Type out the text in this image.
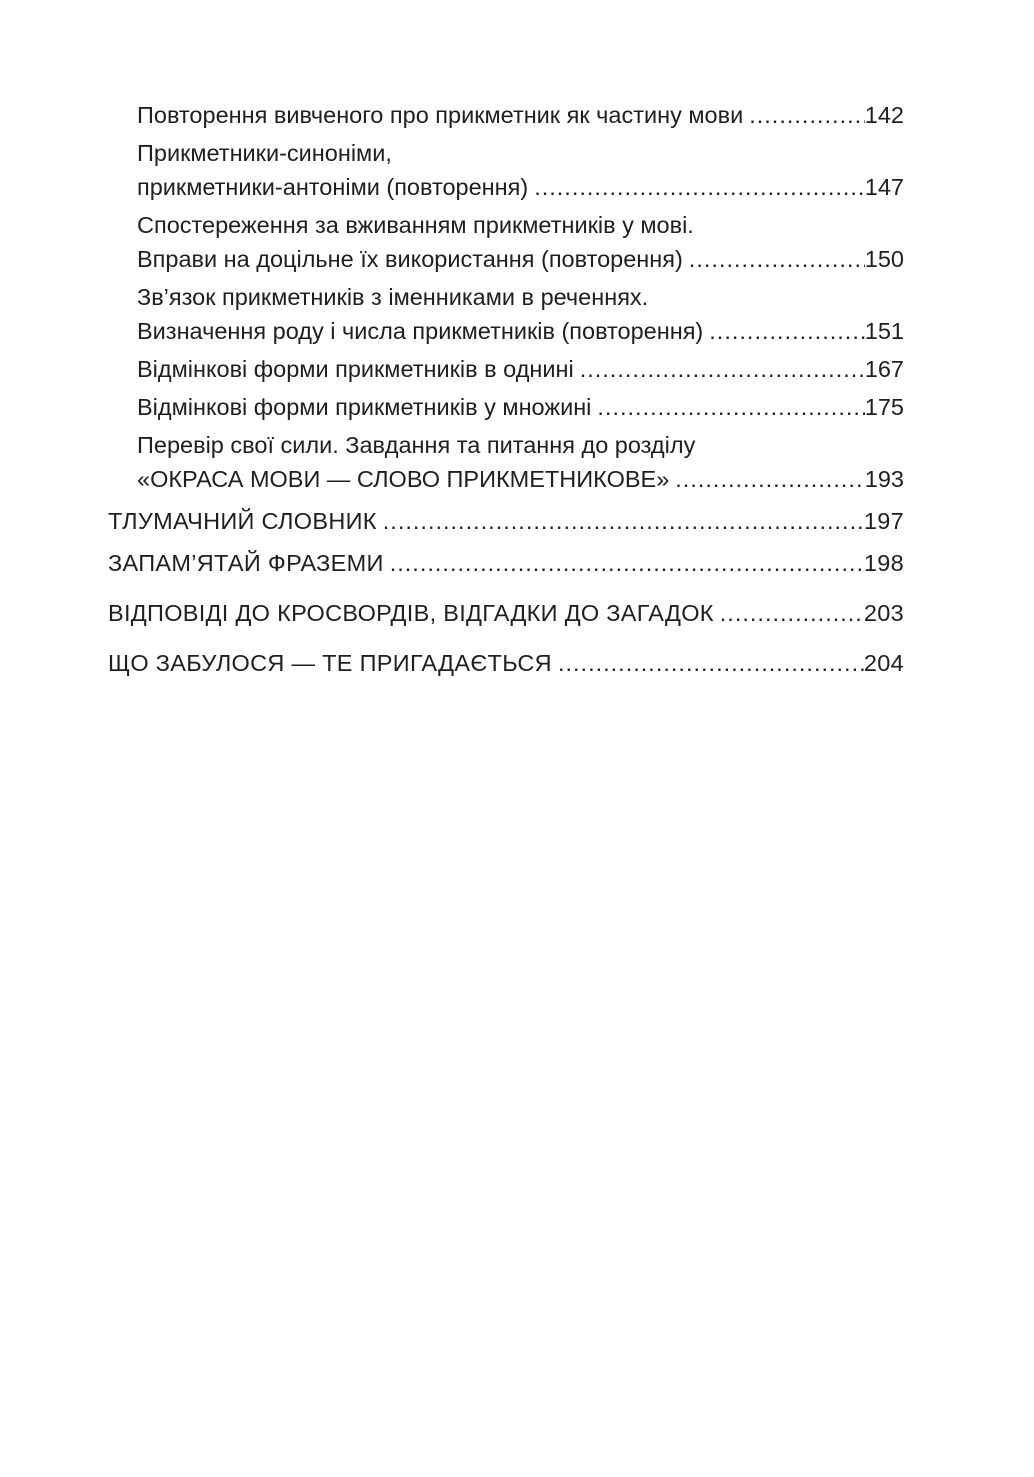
Повторення вивченого про прикметник як частину мови .....	142
Прикметники-синоніми,
прикметники-антоніми (повторення) .....	147
Спостереження за вживанням прикметників у мові.
Вправи на доцільне їх використання (повторення) .....	150
Зв’язок прикметників з іменниками в реченнях.
Визначення роду і числа прикметників (повторення) .....	151
Відмінкові форми прикметників в однині .....	167
Відмінкові форми прикметників у множині .....	175
Перевір свої сили. Завдання та питання до розділу
«ОКРАСА МОВИ — СЛОВО ПРИКМЕТНИКОВЕ» .....	193
ТЛУМАЧНИЙ СЛОВНИК .....	197
ЗАПАМ’ЯТАЙ ФРАЗЕМИ .....	198
ВІДПОВІДІ ДО КРОСВОРДІВ, ВІДГАДКИ ДО ЗАГАДОК .....	203
ЩО ЗАБУЛОСЯ — ТЕ ПРИГАДАЄТЬСЯ .....	204
